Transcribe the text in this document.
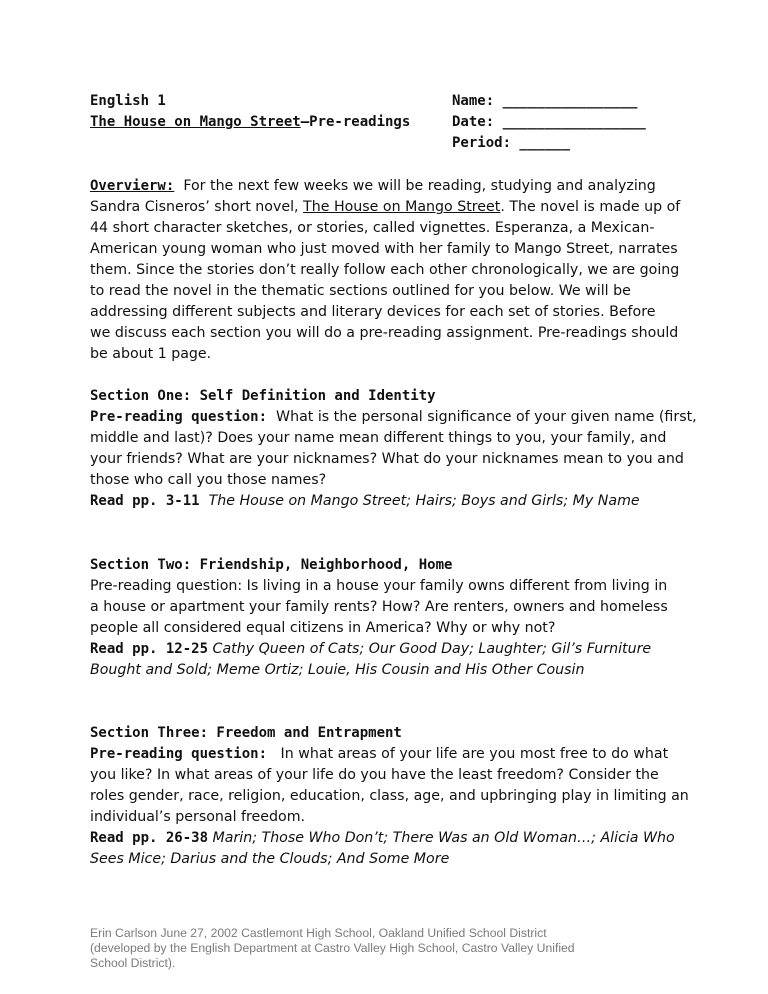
English 1
The House on Mango Street—Pre-readings
Name: ________________
Date: _________________
Period: ______
Overvierw: For the next few weeks we will be reading, studying and analyzing
Sandra Cisneros’ short novel, The House on Mango Street. The novel is made up of
44 short character sketches, or stories, called vignettes. Esperanza, a Mexican-
American young woman who just moved with her family to Mango Street, narrates
them. Since the stories don’t really follow each other chronologically, we are going
to read the novel in the thematic sections outlined for you below. We will be
addressing different subjects and literary devices for each set of stories. Before
we discuss each section you will do a pre-reading assignment. Pre-readings should
be about 1 page.
Section One: Self Definition and Identity
Pre-reading question: What is the personal significance of your given name (first,
middle and last)? Does your name mean different things to you, your family, and
your friends? What are your nicknames? What do your nicknames mean to you and
those who call you those names?
Read pp. 3-11 The House on Mango Street; Hairs; Boys and Girls; My Name
Section Two: Friendship, Neighborhood, Home
Pre-reading question: Is living in a house your family owns different from living in
a house or apartment your family rents? How? Are renters, owners and homeless
people all considered equal citizens in America? Why or why not?
Read pp. 12-25 Cathy Queen of Cats; Our Good Day; Laughter; Gil’s Furniture
Bought and Sold; Meme Ortiz; Louie, His Cousin and His Other Cousin
Section Three: Freedom and Entrapment
Pre-reading question: In what areas of your life are you most free to do what
you like? In what areas of your life do you have the least freedom? Consider the
roles gender, race, religion, education, class, age, and upbringing play in limiting an
individual’s personal freedom.
Read pp. 26-38 Marin; Those Who Don’t; There Was an Old Woman…; Alicia Who
Sees Mice; Darius and the Clouds; And Some More
Erin Carlson June 27, 2002 Castlemont High School, Oakland Unified School District
(developed by the English Department at Castro Valley High School, Castro Valley Unified
School District).
